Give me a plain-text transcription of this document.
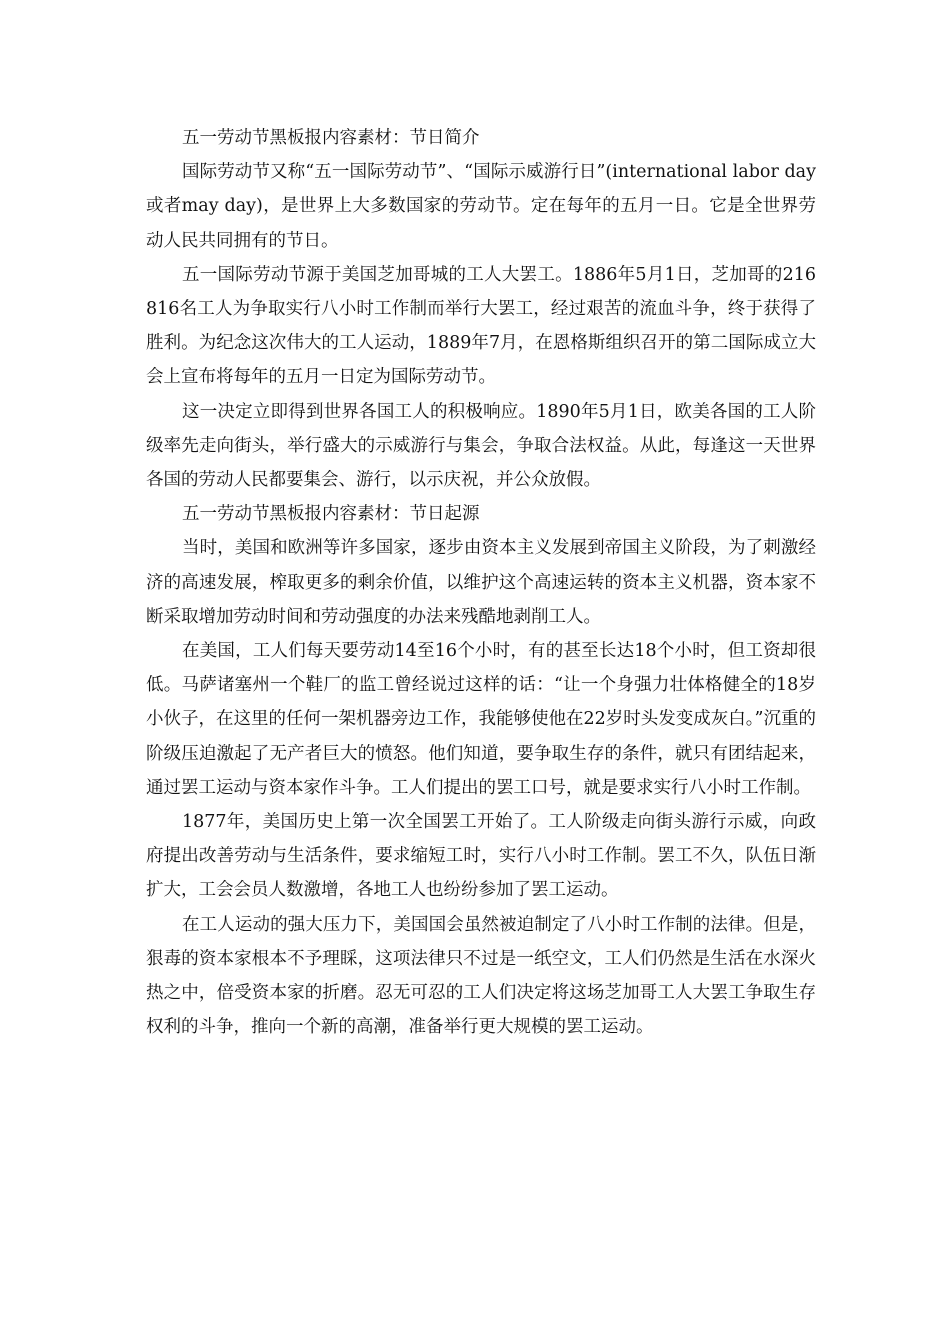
五一劳动节黑板报内容素材：节日简介

国际劳动节又称“五一国际劳动节”、“国际示威游行日”(international labor day或者may day)，是世界上大多数国家的劳动节。定在每年的五月一日。它是全世界劳动人民共同拥有的节日。

五一国际劳动节源于美国芝加哥城的工人大罢工。1886年5月1日，芝加哥的216816名工人为争取实行八小时工作制而举行大罢工，经过艰苦的流血斗争，终于获得了胜利。为纪念这次伟大的工人运动，1889年7月，在恩格斯组织召开的第二国际成立大会上宣布将每年的五月一日定为国际劳动节。

这一决定立即得到世界各国工人的积极响应。1890年5月1日，欧美各国的工人阶级率先走向街头，举行盛大的示威游行与集会，争取合法权益。从此，每逢这一天世界各国的劳动人民都要集会、游行，以示庆祝，并公众放假。

五一劳动节黑板报内容素材：节日起源

当时，美国和欧洲等许多国家，逐步由资本主义发展到帝国主义阶段，为了刺激经济的高速发展，榨取更多的剩余价值，以维护这个高速运转的资本主义机器，资本家不断采取增加劳动时间和劳动强度的办法来残酷地剥削工人。

在美国，工人们每天要劳动14至16个小时，有的甚至长达18个小时，但工资却很低。马萨诸塞州一个鞋厂的监工曾经说过这样的话：“让一个身强力壮体格健全的18岁小伙子，在这里的任何一架机器旁边工作，我能够使他在22岁时头发变成灰白。”沉重的阶级压迫激起了无产者巨大的愤怒。他们知道，要争取生存的条件，就只有团结起来，通过罢工运动与资本家作斗争。工人们提出的罢工口号，就是要求实行八小时工作制。

1877年，美国历史上第一次全国罢工开始了。工人阶级走向街头游行示威，向政府提出改善劳动与生活条件，要求缩短工时，实行八小时工作制。罢工不久，队伍日渐扩大，工会会员人数激增，各地工人也纷纷参加了罢工运动。

在工人运动的强大压力下，美国国会虽然被迫制定了八小时工作制的法律。但是，狠毒的资本家根本不予理睬，这项法律只不过是一纸空文，工人们仍然是生活在水深火热之中，倍受资本家的折磨。忍无可忍的工人们决定将这场芝加哥工人大罢工争取生存权利的斗争，推向一个新的高潮，准备举行更大规模的罢工运动。
